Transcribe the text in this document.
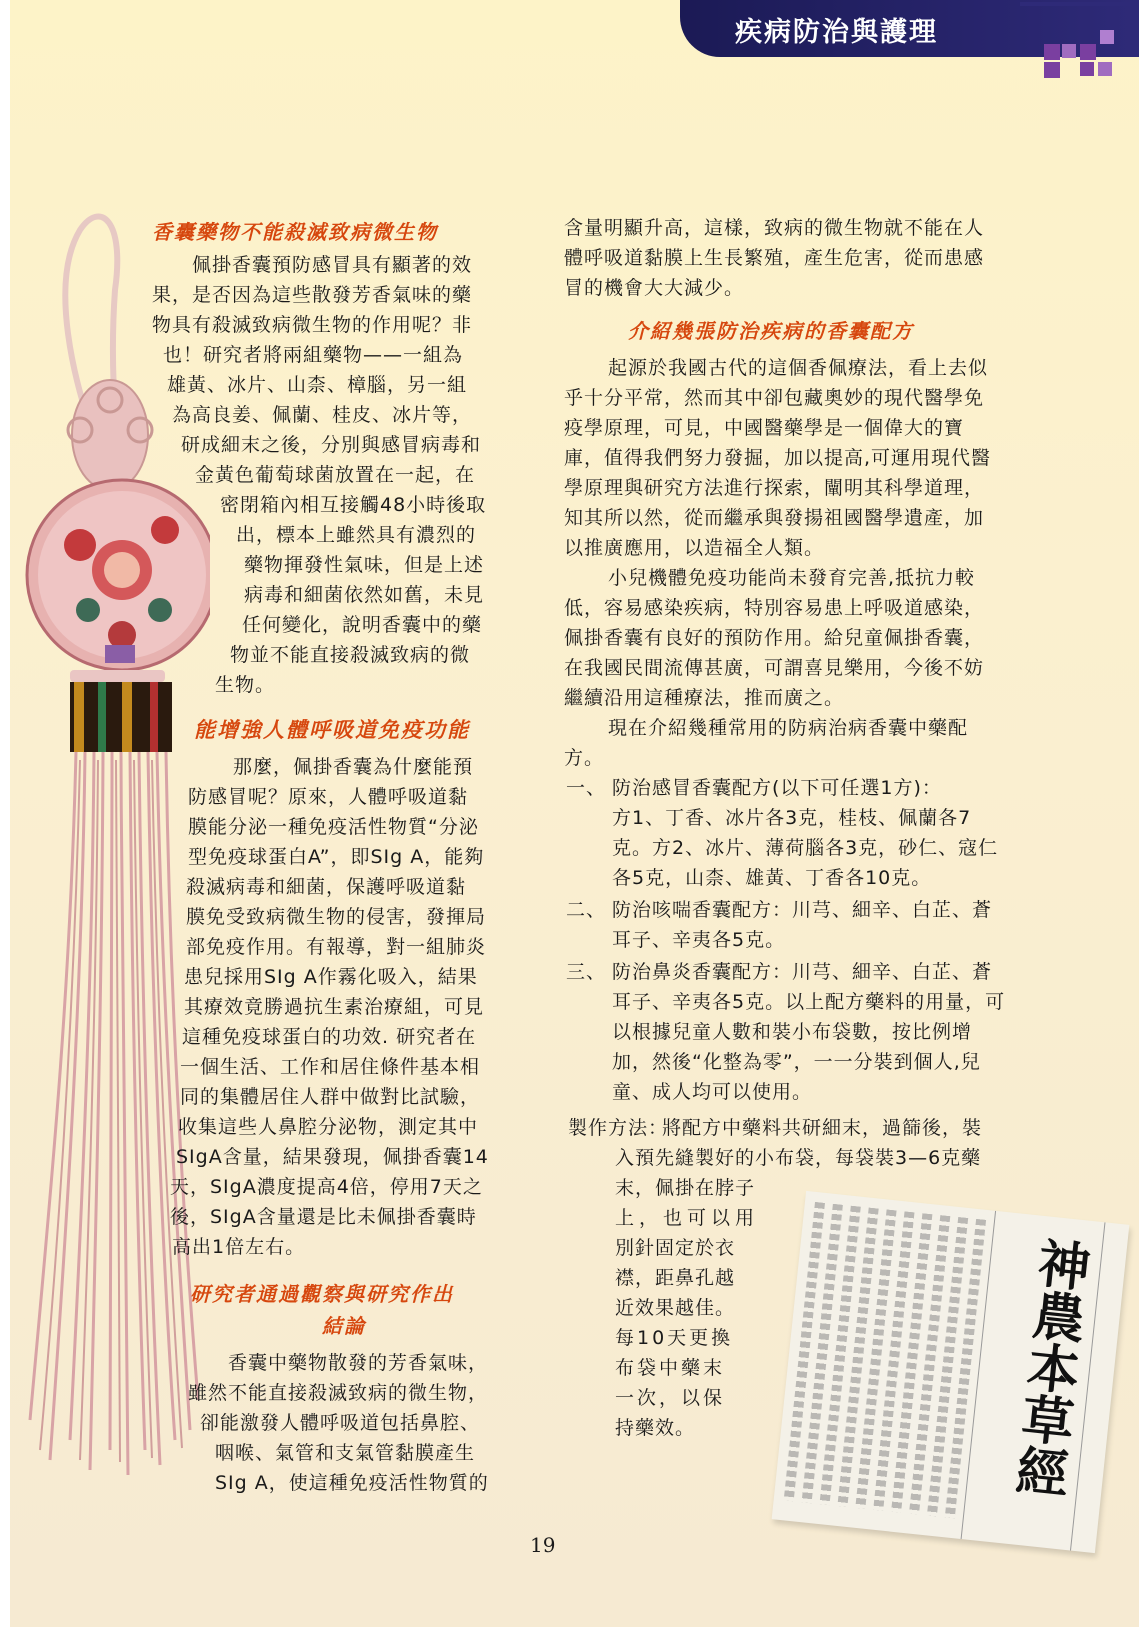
疾病防治與護理
香囊藥物不能殺滅致病微生物
佩掛香囊預防感冒具有顯著的效
果，是否因為這些散發芳香氣味的藥
物具有殺滅致病微生物的作用呢？非
也！研究者將兩組藥物——一組為
雄黃、冰片、山柰、樟腦，另一組
為高良姜、佩蘭、桂皮、冰片等，
研成細末之後，分別與感冒病毒和
金黃色葡萄球菌放置在一起，在
密閉箱內相互接觸48小時後取
出，標本上雖然具有濃烈的
藥物揮發性氣味，但是上述
病毒和細菌依然如舊，未見
任何變化，說明香囊中的藥
物並不能直接殺滅致病的微
生物。
能增強人體呼吸道免疫功能
那麼，佩掛香囊為什麼能預
防感冒呢？原來，人體呼吸道黏
膜能分泌一種免疫活性物質“分泌
型免疫球蛋白A”，即SIg A，能夠
殺滅病毒和細菌，保護呼吸道黏
膜免受致病微生物的侵害，發揮局
部免疫作用。有報導，對一組肺炎
患兒採用SIg A作霧化吸入，結果
其療效竟勝過抗生素治療組，可見
這種免疫球蛋白的功效. 研究者在
一個生活、工作和居住條件基本相
同的集體居住人群中做對比試驗，
收集這些人鼻腔分泌物，測定其中
SIgA含量，結果發現，佩掛香囊14
天，SIgA濃度提高4倍，停用7天之
後，SIgA含量還是比未佩掛香囊時
高出1倍左右。
研究者通過觀察與研究作出
結論
香囊中藥物散發的芳香氣味，
雖然不能直接殺滅致病的微生物，
卻能激發人體呼吸道包括鼻腔、
咽喉、氣管和支氣管黏膜產生
SIg A，使這種免疫活性物質的
含量明顯升高，這樣，致病的微生物就不能在人
體呼吸道黏膜上生長繁殖，產生危害，從而患感
冒的機會大大減少。
介紹幾張防治疾病的香囊配方
起源於我國古代的這個香佩療法，看上去似
乎十分平常，然而其中卻包藏奧妙的現代醫學免
疫學原理，可見，中國醫藥學是一個偉大的寶
庫，值得我們努力發掘，加以提高,可運用現代醫
學原理與研究方法進行探索，闡明其科學道理，
知其所以然，從而繼承與發揚祖國醫學遺產，加
以推廣應用，以造福全人類。
小兒機體免疫功能尚未發育完善,抵抗力較
低，容易感染疾病，特別容易患上呼吸道感染，
佩掛香囊有良好的預防作用。給兒童佩掛香囊，
在我國民間流傳甚廣，可謂喜見樂用，今後不妨
繼續沿用這種療法，推而廣之。
現在介紹幾種常用的防病治病香囊中藥配
方。
一、 防治感冒香囊配方(以下可任選1方)：
方1、丁香、冰片各3克，桂枝、佩蘭各7
克。方2、冰片、薄荷腦各3克，砂仁、寇仁
各5克，山柰、雄黃、丁香各10克。
二、 防治咳喘香囊配方：川芎、細辛、白芷、蒼
耳子、辛夷各5克。
三、 防治鼻炎香囊配方：川芎、細辛、白芷、蒼
耳子、辛夷各5克。以上配方藥料的用量，可
以根據兒童人數和裝小布袋數，按比例增
加，然後“化整為零”，一一分裝到個人,兒
童、成人均可以使用。
製作方法：
將配方中藥料共研細末，過篩後，裝
入預先縫製好的小布袋，每袋裝3—6克藥
末，佩掛在脖子
上，也可以用
別針固定於衣
襟，距鼻孔越
近效果越佳。
每10天更換
布袋中藥末
一次，以保
持藥效。	神農本草經
19
